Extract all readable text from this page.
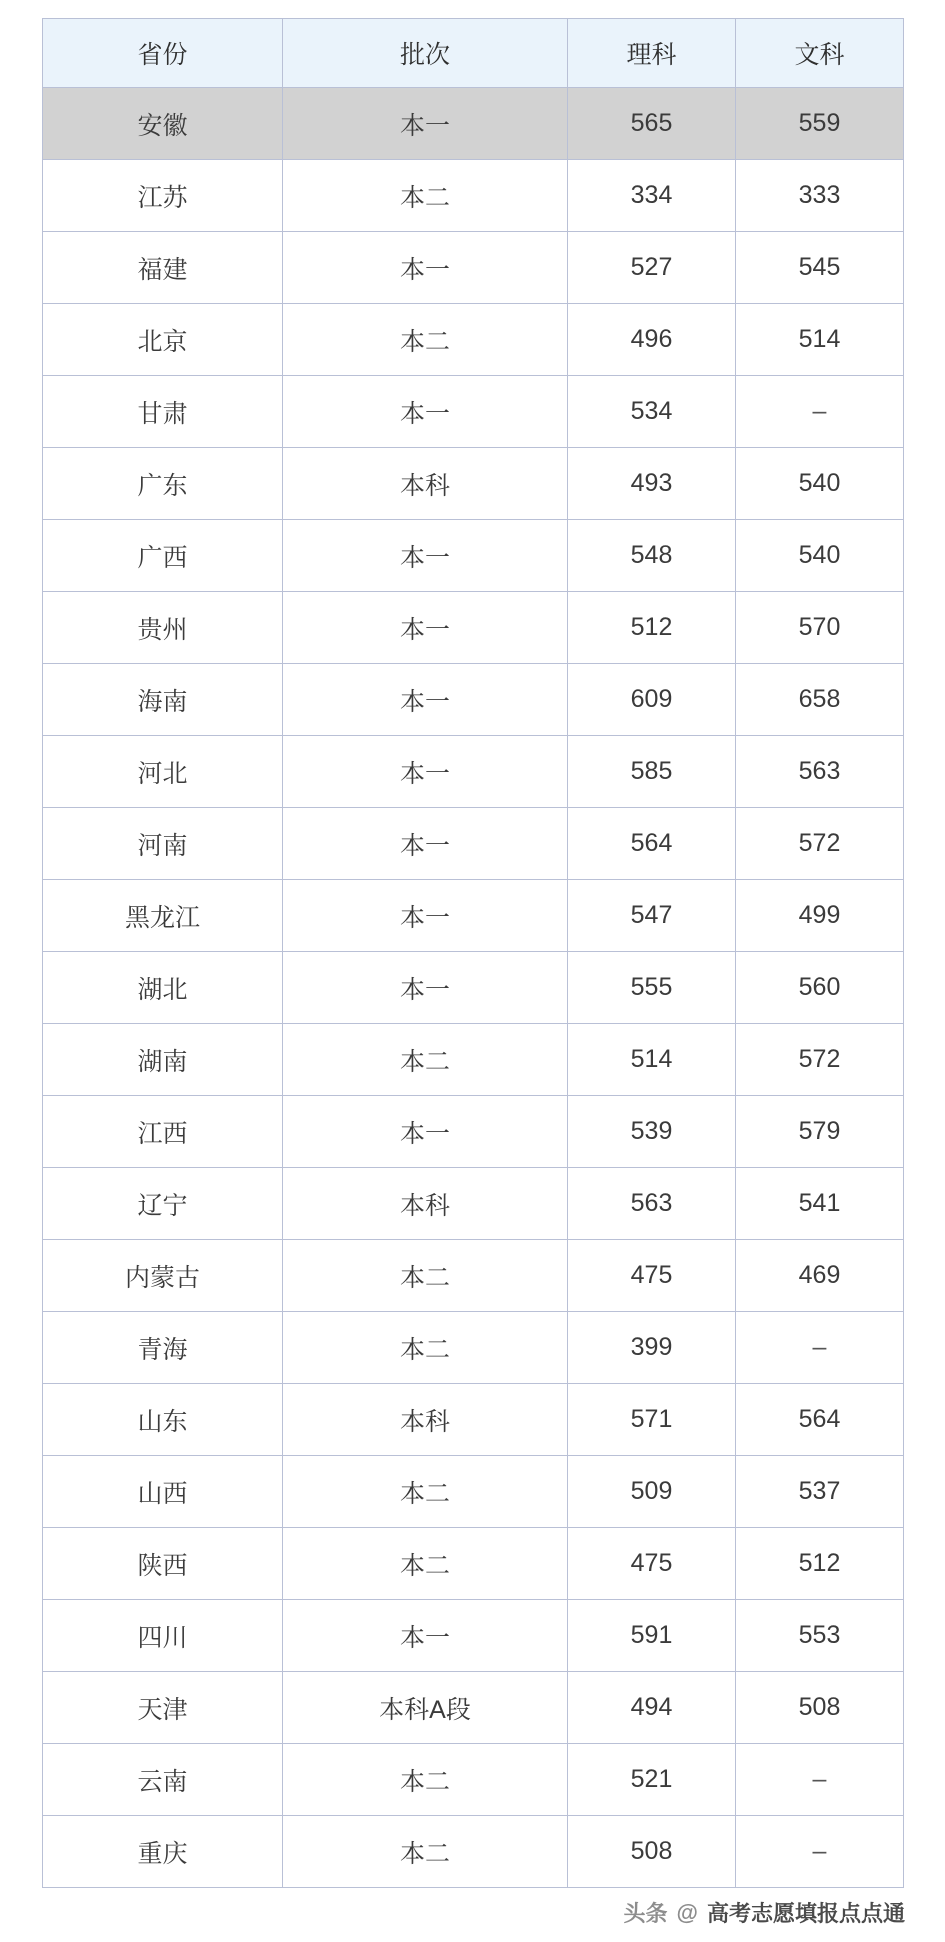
省份	批次	理科	文科
安徽	本一	565	559
江苏	本二	334	333
福建	本一	527	545
北京	本二	496	514
甘肃	本一	534	–
广东	本科	493	540
广西	本一	548	540
贵州	本一	512	570
海南	本一	609	658
河北	本一	585	563
河南	本一	564	572
黑龙江	本一	547	499
湖北	本一	555	560
湖南	本二	514	572
江西	本一	539	579
辽宁	本科	563	541
内蒙古	本二	475	469
青海	本二	399	–
山东	本科	571	564
山西	本二	509	537
陕西	本二	475	512
四川	本一	591	553
天津	本科A段	494	508
云南	本二	521	–
重庆	本二	508	–
头条 @ 高考志愿填报点点通
